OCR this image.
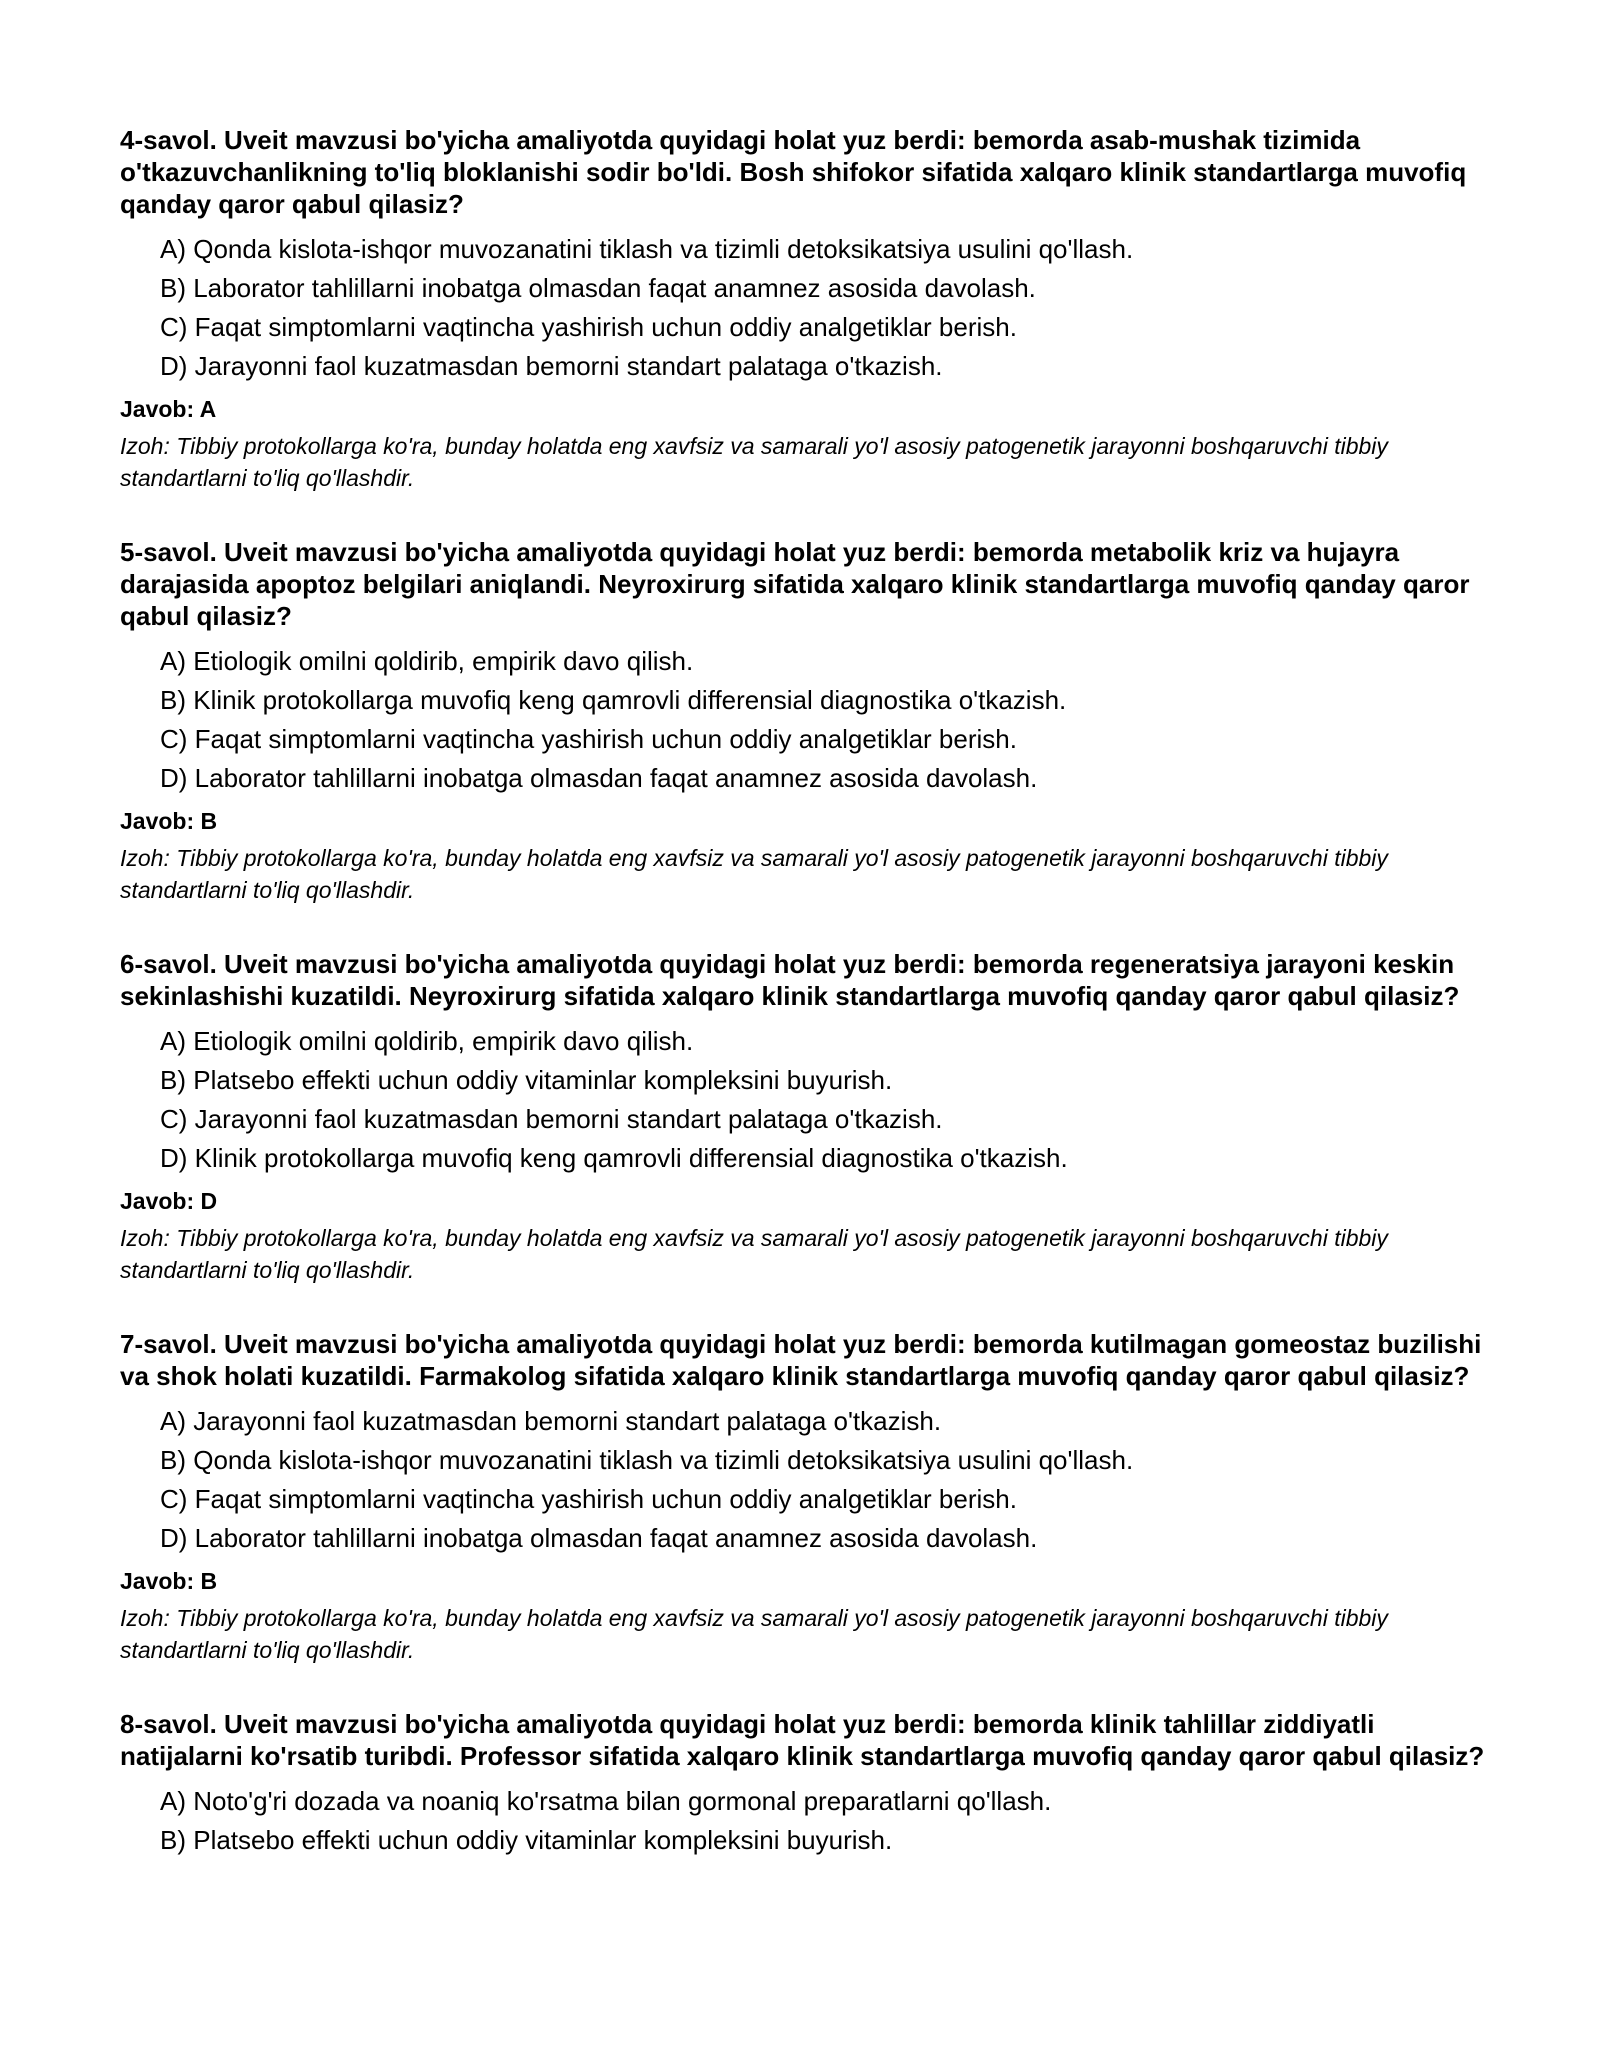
4-savol. Uveit mavzusi bo'yicha amaliyotda quyidagi holat yuz berdi: bemorda asab-mushak tizimida o'tkazuvchanlikning to'liq bloklanishi sodir bo'ldi. Bosh shifokor sifatida xalqaro klinik standartlarga muvofiq qanday qaror qabul qilasiz?

A) Qonda kislota-ishqor muvozanatini tiklash va tizimli detoksikatsiya usulini qo'llash.
B) Laborator tahlillarni inobatga olmasdan faqat anamnez asosida davolash.
C) Faqat simptomlarni vaqtincha yashirish uchun oddiy analgetiklar berish.
D) Jarayonni faol kuzatmasdan bemorni standart palataga o'tkazish.

Javob: A

Izoh: Tibbiy protokollarga ko'ra, bunday holatda eng xavfsiz va samarali yo'l asosiy patogenetik jarayonni boshqaruvchi tibbiy standartlarni to'liq qo'llashdir.

5-savol. Uveit mavzusi bo'yicha amaliyotda quyidagi holat yuz berdi: bemorda metabolik kriz va hujayra darajasida apoptoz belgilari aniqlandi. Neyroxirurg sifatida xalqaro klinik standartlarga muvofiq qanday qaror qabul qilasiz?

A) Etiologik omilni qoldirib, empirik davo qilish.
B) Klinik protokollarga muvofiq keng qamrovli differensial diagnostika o'tkazish.
C) Faqat simptomlarni vaqtincha yashirish uchun oddiy analgetiklar berish.
D) Laborator tahlillarni inobatga olmasdan faqat anamnez asosida davolash.

Javob: B

Izoh: Tibbiy protokollarga ko'ra, bunday holatda eng xavfsiz va samarali yo'l asosiy patogenetik jarayonni boshqaruvchi tibbiy standartlarni to'liq qo'llashdir.

6-savol. Uveit mavzusi bo'yicha amaliyotda quyidagi holat yuz berdi: bemorda regeneratsiya jarayoni keskin sekinlashishi kuzatildi. Neyroxirurg sifatida xalqaro klinik standartlarga muvofiq qanday qaror qabul qilasiz?

A) Etiologik omilni qoldirib, empirik davo qilish.
B) Platsebo effekti uchun oddiy vitaminlar kompleksini buyurish.
C) Jarayonni faol kuzatmasdan bemorni standart palataga o'tkazish.
D) Klinik protokollarga muvofiq keng qamrovli differensial diagnostika o'tkazish.

Javob: D

Izoh: Tibbiy protokollarga ko'ra, bunday holatda eng xavfsiz va samarali yo'l asosiy patogenetik jarayonni boshqaruvchi tibbiy standartlarni to'liq qo'llashdir.

7-savol. Uveit mavzusi bo'yicha amaliyotda quyidagi holat yuz berdi: bemorda kutilmagan gomeostaz buzilishi va shok holati kuzatildi. Farmakolog sifatida xalqaro klinik standartlarga muvofiq qanday qaror qabul qilasiz?

A) Jarayonni faol kuzatmasdan bemorni standart palataga o'tkazish.
B) Qonda kislota-ishqor muvozanatini tiklash va tizimli detoksikatsiya usulini qo'llash.
C) Faqat simptomlarni vaqtincha yashirish uchun oddiy analgetiklar berish.
D) Laborator tahlillarni inobatga olmasdan faqat anamnez asosida davolash.

Javob: B

Izoh: Tibbiy protokollarga ko'ra, bunday holatda eng xavfsiz va samarali yo'l asosiy patogenetik jarayonni boshqaruvchi tibbiy standartlarni to'liq qo'llashdir.

8-savol. Uveit mavzusi bo'yicha amaliyotda quyidagi holat yuz berdi: bemorda klinik tahlillar ziddiyatli natijalarni ko'rsatib turibdi. Professor sifatida xalqaro klinik standartlarga muvofiq qanday qaror qabul qilasiz?

A) Noto'g'ri dozada va noaniq ko'rsatma bilan gormonal preparatlarni qo'llash.
B) Platsebo effekti uchun oddiy vitaminlar kompleksini buyurish.
